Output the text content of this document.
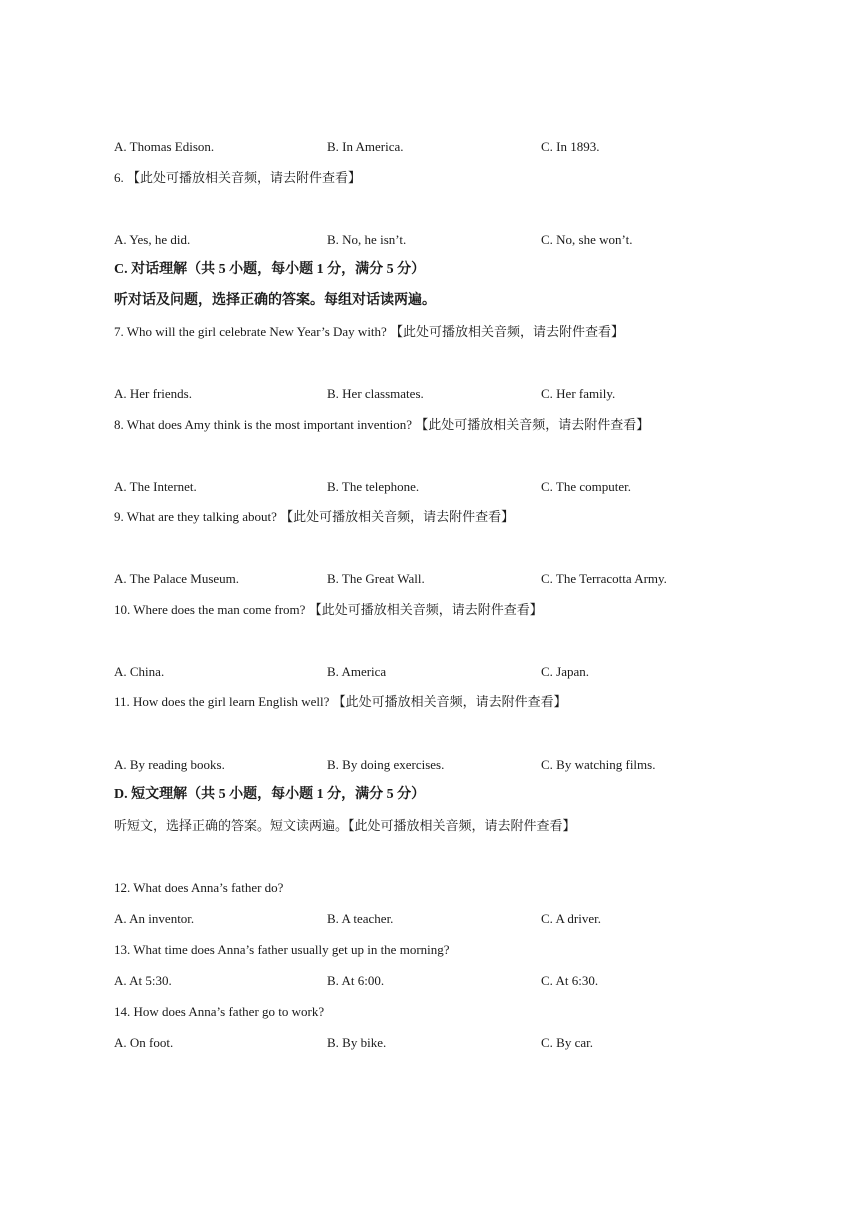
A. Thomas Edison.	B. In America.	C. In 1893.
6. 【此处可播放相关音频，请去附件查看】
A. Yes, he did.	B. No, he isn’t.	C. No, she won’t.
C. 对话理解（共 5 小题，每小题 1 分，满分 5 分）
听对话及问题，选择正确的答案。每组对话读两遍。
7. Who will the girl celebrate New Year’s Day with? 【此处可播放相关音频，请去附件查看】
A. Her friends.	B. Her classmates.	C. Her family.
8. What does Amy think is the most important invention? 【此处可播放相关音频，请去附件查看】
A. The Internet.	B. The telephone.	C. The computer.
9. What are they talking about? 【此处可播放相关音频，请去附件查看】
A. The Palace Museum.	B. The Great Wall.	C. The Terracotta Army.
10. Where does the man come from? 【此处可播放相关音频，请去附件查看】
A. China.	B. America	C. Japan.
11. How does the girl learn English well? 【此处可播放相关音频，请去附件查看】
A. By reading books.	B. By doing exercises.	C. By watching films.
D. 短文理解（共 5 小题，每小题 1 分，满分 5 分）
听短文，选择正确的答案。短文读两遍。【此处可播放相关音频，请去附件查看】
12. What does Anna’s father do?
A. An inventor.	B. A teacher.	C. A driver.
13. What time does Anna’s father usually get up in the morning?
A. At 5:30.	B. At 6:00.	C. At 6:30.
14. How does Anna’s father go to work?
A. On foot.	B. By bike.	C. By car.
